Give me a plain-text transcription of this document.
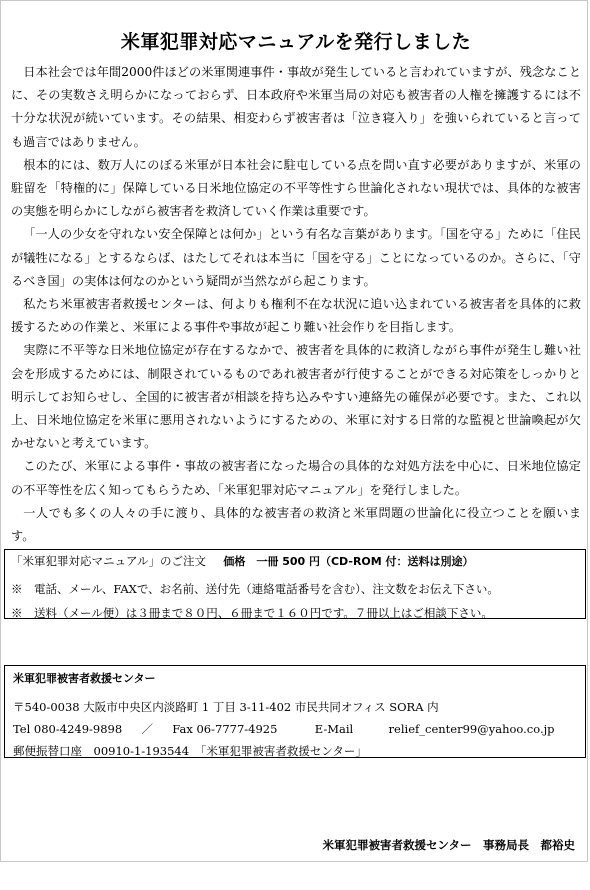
米軍犯罪対応マニュアルを発行しました

日本社会では年間2000件ほどの米軍関連事件・事故が発生していると言われていますが、残念なことに、その実数さえ明らかになっておらず、日本政府や米軍当局の対応も被害者の人権を擁護するには不十分な状況が続いています。その結果、相変わらず被害者は「泣き寝入り」を強いられていると言っても過言ではありません。

根本的には、数万人にのぼる米軍が日本社会に駐屯している点を問い直す必要がありますが、米軍の駐留を「特権的に」保障している日米地位協定の不平等性すら世論化されない現状では、具体的な被害の実態を明らかにしながら被害者を救済していく作業は重要です。

「一人の少女を守れない安全保障とは何か」という有名な言葉があります。「国を守る」ために「住民が犠牲になる」とするならば、はたしてそれは本当に「国を守る」ことになっているのか。さらに、「守るべき国」の実体は何なのかという疑問が当然ながら起こります。

私たち米軍被害者救援センターは、何よりも権利不在な状況に追い込まれている被害者を具体的に救援するための作業と、米軍による事件や事故が起こり難い社会作りを目指します。

実際に不平等な日米地位協定が存在するなかで、被害者を具体的に救済しながら事件が発生し難い社会を形成するためには、制限されているものであれ被害者が行使することができる対応策をしっかりと明示してお知らせし、全国的に被害者が相談を持ち込みやすい連絡先の確保が必要です。また、これ以上、日米地位協定を米軍に悪用されないようにするための、米軍に対する日常的な監視と世論喚起が欠かせないと考えています。

このたび、米軍による事件・事故の被害者になった場合の具体的な対処方法を中心に、日米地位協定の不平等性を広く知ってもらうため、「米軍犯罪対応マニュアル」を発行しました。

一人でも多くの人々の手に渡り、具体的な被害者の救済と米軍問題の世論化に役立つことを願います。

「米軍犯罪対応マニュアル」のご注文 価格　一冊 500 円（CD-ROM 付：送料は別途）
※　電話、メール、FAXで、お名前、送付先（連絡電話番号を含む）、注文数をお伝え下さい。
※　送料（メール便）は３冊まで８０円、６冊まで１６０円です。７冊以上はご相談下さい。
米軍犯罪被害者救援センター
〒540-0038 大阪市中央区内淡路町 1 丁目 3-11-402 市民共同オフィス SORA 内
Tel 080-4249-9898 ／ Fax 06-7777-4925	E-Mail	relief_center99@yahoo.co.jp
郵便振替口座　00910-1-193544　「米軍犯罪被害者救援センター」
米軍犯罪被害者救援センター　事務局長　都裕史
